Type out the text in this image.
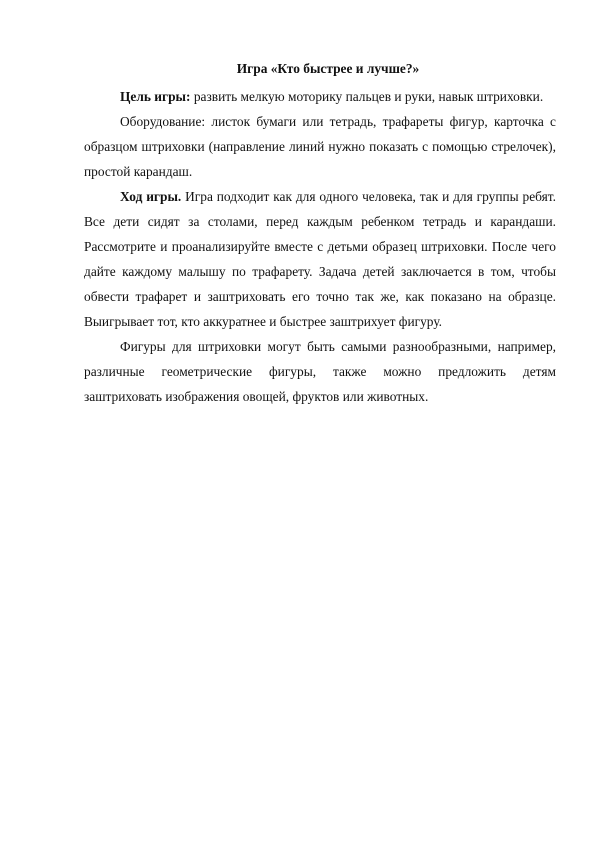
Игра «Кто быстрее и лучше?»

Цель игры: развить мелкую моторику пальцев и руки, навык штриховки.

Оборудование: листок бумаги или тетрадь, трафареты фигур, карточка с образцом штриховки (направление линий нужно показать с помощью стрелочек), простой карандаш.

Ход игры. Игра подходит как для одного человека, так и для группы ребят. Все дети сидят за столами, перед каждым ребенком тетрадь и карандаши. Рассмотрите и проанализируйте вместе с детьми образец штриховки. После чего дайте каждому малышу по трафарету. Задача детей заключается в том, чтобы обвести трафарет и заштриховать его точно так же, как показано на образце. Выигрывает тот, кто аккуратнее и быстрее заштрихует фигуру.

Фигуры для штриховки могут быть самыми разнообразными, например, различные геометрические фигуры, также можно предложить детям заштриховать изображения овощей, фруктов или животных.
